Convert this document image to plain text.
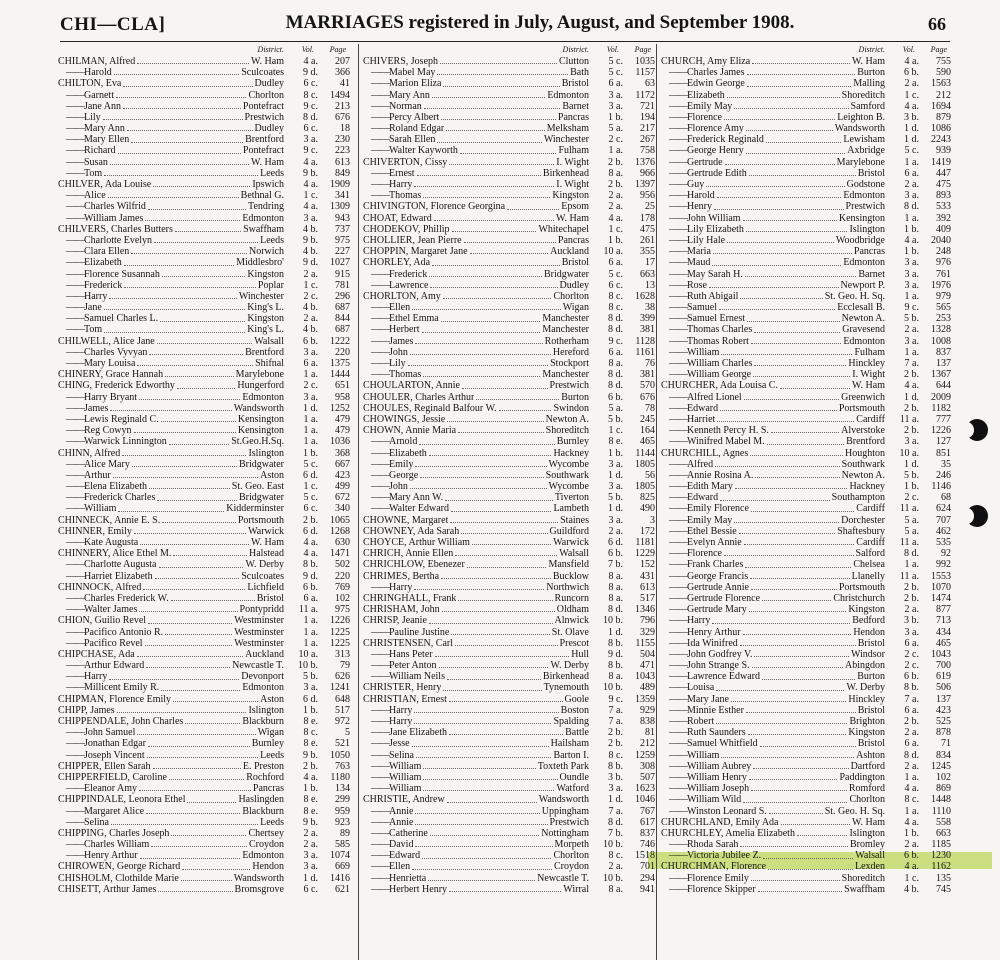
CHI—CLA]	MARRIAGES registered in July, August, and September 1908.	66
District. Vol. Page
CHILMAN, Alfred	W. Ham	4 a.	207
—— Harold	Sculcoates	9 d.	366
CHILTON, Eva	Dudley	6 c.	41
—— Garnett	Chorlton	8 c.	1494
—— Jane Ann	Pontefract	9 c.	213
—— Lily	Prestwich	8 d.	676
—— Mary Ann	Dudley	6 c.	18
—— Mary Ellen	Brentford	3 a.	230
—— Richard	Pontefract	9 c.	223
—— Susan	W. Ham	4 a.	613
—— Tom	Leeds	9 b.	849
CHILVER, Ada Louise	Ipswich	4 a.	1909
—— Alice	Bethnal G.	1 c.	341
—— Charles Wilfrid	Tendring	4 a.	1309
—— William James	Edmonton	3 a.	943
CHILVERS, Charles Butters	Swaffham	4 b.	737
—— Charlotte Evelyn	Leeds	9 b.	975
—— Clara Ellen	Norwich	4 b.	227
—— Elizabeth	Middlesbro'	9 d.	1027
—— Florence Susannah	Kingston	2 a.	915
—— Frederick	Poplar	1 c.	781
—— Harry	Winchester	2 c.	296
—— Jane	King's L.	4 b.	687
—— Samuel Charles L.	Kingston	2 a.	844
—— Tom	King's L.	4 b.	687
CHILWELL, Alice Jane	Walsall	6 b.	1222
—— Charles Vyvyan	Brentford	3 a.	220
—— Mary Louisa	Shifnal	6 a.	1375
CHINERY, Grace Hannah	Marylebone	1 a.	1444
CHING, Frederick Edworthy	Hungerford	2 c.	651
—— Harry Bryant	Edmonton	3 a.	958
—— James	Wandsworth	1 d.	1252
—— Lewis Reginald C.	Kensington	1 a.	479
—— Reg Cowyn	Kensington	1 a.	479
—— Warwick Linnington	St.Geo.H.Sq.	1 a.	1036
CHINN, Alfred	Islington	1 b.	368
—— Alice Mary	Bridgwater	5 c.	667
—— Arthur	Aston	6 d.	423
—— Elena Elizabeth	St. Geo. East	1 c.	499
—— Frederick Charles	Bridgwater	5 c.	672
—— William	Kidderminster	6 c.	340
CHINNECK, Annie E. S.	Portsmouth	2 b.	1065
CHINNER, Emily	Warwick	6 d.	1268
—— Kate Augusta	W. Ham	4 a.	630
CHINNERY, Alice Ethel M.	Halstead	4 a.	1471
—— Charlotte Augusta	W. Derby	8 b.	502
—— Harriet Elizabeth	Sculcoates	9 d.	220
CHINNOCK, Alfred	Lichfield	6 b.	769
—— Charles Frederick W.	Bristol	6 a.	102
—— Walter James	Pontypridd	11 a.	975
CHION, Guilio Revel	Westminster	1 a.	1226
—— Pacifico Antonio R.	Westminster	1 a.	1225
—— Pacifico Revel	Westminster	1 a.	1225
CHIPCHASE, Ada	Auckland	10 a.	313
—— Arthur Edward	Newcastle T.	10 b.	79
—— Harry	Devonport	5 b.	626
—— Millicent Emily R.	Edmonton	3 a.	1241
CHIPMAN, Florence Emily	Aston	6 d.	648
CHIPP, James	Islington	1 b.	517
CHIPPENDALE, John Charles	Blackburn	8 e.	972
—— John Samuel	Wigan	8 c.	5
—— Jonathan Edgar	Burnley	8 e.	521
—— Joseph Vincent	Leeds	9 b.	1050
CHIPPER, Ellen Sarah	E. Preston	2 b.	763
CHIPPERFIELD, Caroline	Rochford	4 a.	1180
—— Eleanor Amy	Pancras	1 b.	134
CHIPPINDALE, Leonora Ethel	Haslingden	8 e.	299
—— Margaret Alice	Blackburn	8 e.	959
—— Selina	Leeds	9 b.	923
CHIPPING, Charles Joseph	Chertsey	2 a.	89
—— Charles William	Croydon	2 a.	585
—— Henry Arthur	Edmonton	3 a.	1074
CHIROWEN, George Richard	Hendon	3 a.	669
CHISHOLM, Clothilde Marie	Wandsworth	1 d.	1416
CHISETT, Arthur James	Bromsgrove	6 c.	621
District. Vol. Page
CHIVERS, Joseph	Clutton	5 c.	1035
—— Mabel May	Bath	5 c.	1157
—— Marion Eliza	Bristol	6 a.	63
—— Mary Ann	Edmonton	3 a.	1172
—— Norman	Barnet	3 a.	721
—— Percy Albert	Pancras	1 b.	194
—— Roland Edgar	Melksham	5 a.	217
—— Sarah Ellen	Winchester	2 c.	267
—— Walter Kayworth	Fulham	1 a.	758
CHIVERTON, Cissy	I. Wight	2 b.	1376
—— Ernest	Birkenhead	8 a.	966
—— Harry	I. Wight	2 b.	1397
—— Thomas	Kingston	2 a.	956
CHIVINGTON, Florence Georgina	Epsom	2 a.	25
CHOAT, Edward	W. Ham	4 a.	178
CHODEKOV, Phillip	Whitechapel	1 c.	475
CHOLLIER, Jean Pierre	Pancras	1 b.	261
CHOPPIN, Margaret Jane	Auckland	10 a.	355
CHORLEY, Ada	Bristol	6 a.	17
—— Frederick	Bridgwater	5 c.	663
—— Lawrence	Dudley	6 c.	13
CHORLTON, Amy	Chorlton	8 c.	1628
—— Ellen	Wigan	8 c.	38
—— Ethel Emma	Manchester	8 d.	399
—— Herbert	Manchester	8 d.	381
—— James	Rotherham	9 c.	1128
—— John	Hereford	6 a.	1161
—— Lily	Stockport	8 a.	76
—— Thomas	Manchester	8 d.	381
CHOULARTON, Annie	Prestwich	8 d.	570
CHOULER, Charles Arthur	Burton	6 b.	676
CHOULES, Reginald Balfour W.	Swindon	5 a.	78
CHOWINGS, Jessie	Newton A.	5 b.	245
CHOWN, Annie Maria	Shoreditch	1 c.	164
—— Arnold	Burnley	8 e.	465
—— Elizabeth	Hackney	1 b.	1144
—— Emily	Wycombe	3 a.	1805
—— George	Southwark	1 d.	56
—— John	Wycombe	3 a.	1805
—— Mary Ann W.	Tiverton	5 b.	825
—— Walter Edward	Lambeth	1 d.	490
CHOWNE, Margaret	Staines	3 a.	3
CHOWNEY, Ada Sarah	Guildford	2 a.	172
CHOYCE, Arthur William	Warwick	6 d.	1181
CHRICH, Annie Ellen	Walsall	6 b.	1229
CHRICHLOW, Ebenezer	Mansfield	7 b.	152
CHRIMES, Bertha	Bucklow	8 a.	431
—— Harry	Northwich	8 a.	613
CHRINGHALL, Frank	Runcorn	8 a.	517
CHRISHAM, John	Oldham	8 d.	1346
CHRISP, Jeanie	Alnwick	10 b.	796
—— Pauline Justine	St. Olave	1 d.	329
CHRISTENSEN, Carl	Prescot	8 b.	1155
—— Hans Peter	Hull	9 d.	504
—— Peter Anton	W. Derby	8 b.	471
—— William Neils	Birkenhead	8 a.	1043
CHRISTER, Henry	Tynemouth	10 b.	489
CHRISTIAN, Ernest	Goole	9 c.	1359
—— Harry	Boston	7 a.	929
—— Harry	Spalding	7 a.	838
—— Jane Elizabeth	Battle	2 b.	81
—— Jesse	Hailsham	2 b.	212
—— Selina	Barton I.	8 c.	1259
—— William	Toxteth Park	8 b.	308
—— William	Oundle	3 b.	507
—— William	Watford	3 a.	1623
CHRISTIE, Andrew	Wandsworth	1 d.	1046
—— Annie	Uppingham	7 a.	767
—— Annie	Prestwich	8 d.	617
—— Catherine	Nottingham	7 b.	837
—— David	Morpeth	10 b.	746
—— Edward	Chorlton	8 c.	1518
—— Ellen	Croydon	2 a.	701
—— Henrietta	Newcastle T.	10 b.	294
—— Herbert Henry	Wirral	8 a.	941
District. Vol. Page
CHURCH, Amy Eliza	W. Ham	4 a.	755
—— Charles James	Burton	6 b.	590
—— Edwin George	Malling	2 a.	1563
—— Elizabeth	Shoreditch	1 c.	212
—— Emily May	Samford	4 a.	1694
—— Florence	Leighton B.	3 b.	879
—— Florence Amy	Wandsworth	1 d.	1086
—— Frederick Reginald	Lewisham	1 d.	2243
—— George Henry	Axbridge	5 c.	939
—— Gertrude	Marylebone	1 a.	1419
—— Gertrude Edith	Bristol	6 a.	447
—— Guy	Godstone	2 a.	475
—— Harold	Edmonton	3 a.	893
—— Henry	Prestwich	8 d.	533
—— John William	Kensington	1 a.	392
—— Lily Elizabeth	Islington	1 b.	409
—— Lily Hale	Woodbridge	4 a.	2040
—— Maria	Pancras	1 b.	248
—— Maud	Edmonton	3 a.	976
—— May Sarah H.	Barnet	3 a.	761
—— Rose	Newport P.	3 a.	1976
—— Ruth Abigail	St. Geo. H. Sq.	1 a.	979
—— Samuel	Ecclesall B.	9 c.	565
—— Samuel Ernest	Newton A.	5 b.	253
—— Thomas Charles	Gravesend	2 a.	1328
—— Thomas Robert	Edmonton	3 a.	1008
—— William	Fulham	1 a.	837
—— William Charles	Hinckley	7 a.	137
—— William George	I. Wight	2 b.	1367
CHURCHER, Ada Louisa C.	W. Ham	4 a.	644
—— Alfred Lionel	Greenwich	1 d.	2009
—— Edward	Portsmouth	2 b.	1182
—— Harriet	Cardiff	11 a.	777
—— Kenneth Percy H. S.	Alverstoke	2 b.	1226
—— Winifred Mabel M.	Brentford	3 a.	127
CHURCHILL, Agnes	Houghton	10 a.	851
—— Alfred	Southwark	1 d.	35
—— Annie Rosina A.	Newton A.	5 b.	246
—— Edith Mary	Hackney	1 b.	1146
—— Edward	Southampton	2 c.	68
—— Emily Florence	Cardiff	11 a.	624
—— Emily May	Dorchester	5 a.	707
—— Ethel Bessie	Shaftesbury	5 a.	462
—— Evelyn Annie	Cardiff	11 a.	535
—— Florence	Salford	8 d.	92
—— Frank Charles	Chelsea	1 a.	992
—— George Francis	Llanelly	11 a.	1553
—— Gertrude Annie	Portsmouth	2 b.	1070
—— Gertrude Florence	Christchurch	2 b.	1474
—— Gertrude Mary	Kingston	2 a.	877
—— Harry	Bedford	3 b.	713
—— Henry Arthur	Hendon	3 a.	434
—— Ida Winifred	Bristol	6 a.	465
—— John Godfrey V.	Windsor	2 c.	1043
—— John Strange S.	Abingdon	2 c.	700
—— Lawrence Edward	Burton	6 b.	619
—— Louisa	W. Derby	8 b.	506
—— Mary Jane	Hinckley	7 a.	137
—— Minnie Esther	Bristol	6 a.	423
—— Robert	Brighton	2 b.	525
—— Ruth Saunders	Kingston	2 a.	878
—— Samuel Whitfield	Bristol	6 a.	71
—— William	Ashton	8 d.	834
—— William Aubrey	Dartford	2 a.	1245
—— William Henry	Paddington	1 a.	102
—— William Joseph	Romford	4 a.	869
—— William Wild	Chorlton	8 c.	1448
—— Winston Leonard S.	St. Geo. H. Sq.	1 a.	1110
CHURCHLAND, Emily Ada	W. Ham	4 a.	558
CHURCHLEY, Amelia Elizabeth	Islington	1 b.	663
—— Rhoda Sarah	Bromley	2 a.	1185
—— Victoria Jubilee Z.	Walsall	6 b.	1230
CHURCHMAN, Florence	Lexden	4 a.	1162
—— Florence Emily	Shoreditch	1 c.	135
—— Florence Skipper	Swaffham	4 b.	745
